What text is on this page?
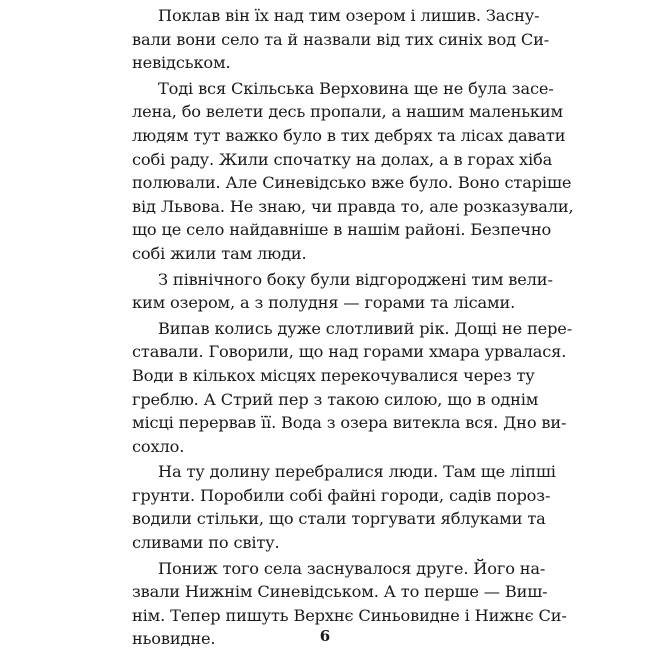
Поклав він їх над тим озером і лишив. Засну-
вали вони село та й назвали від тих синіх вод Си-
невідськом.
Тоді вся Скільська Верховина ще не була засе-
лена, бо велети десь пропали, а нашим маленьким
людям тут важко було в тих дебрях та лісах давати
собі раду. Жили спочатку на долах, а в горах хіба
полювали. Але Синевідсько вже було. Воно старіше
від Львова. Не знаю, чи правда то, але розказували,
що це село найдавніше в нашім районі. Безпечно
собі жили там люди.
З північного боку були відгороджені тим вели-
ким озером, а з полудня — горами та лісами.
Випав колись дуже слотливий рік. Дощі не пере-
ставали. Говорили, що над горами хмара урвалася.
Води в кількох місцях перекочувалися через ту
греблю. А Стрий пер з такою силою, що в однім
місці перервав її. Вода з озера витекла вся. Дно ви-
сохло.
На ту долину перебралися люди. Там ще ліпші
грунти. Поробили собі файні городи, садів порoз-
водили стільки, що стали торгувати яблуками та
сливами по світу.
Пониж того села заснувалося друге. Його на-
звали Нижнім Синевідськом. А то перше — Виш-
нім. Тепер пишуть Верхнє Синьовидне і Нижнє Си-
ньовидне.	6
